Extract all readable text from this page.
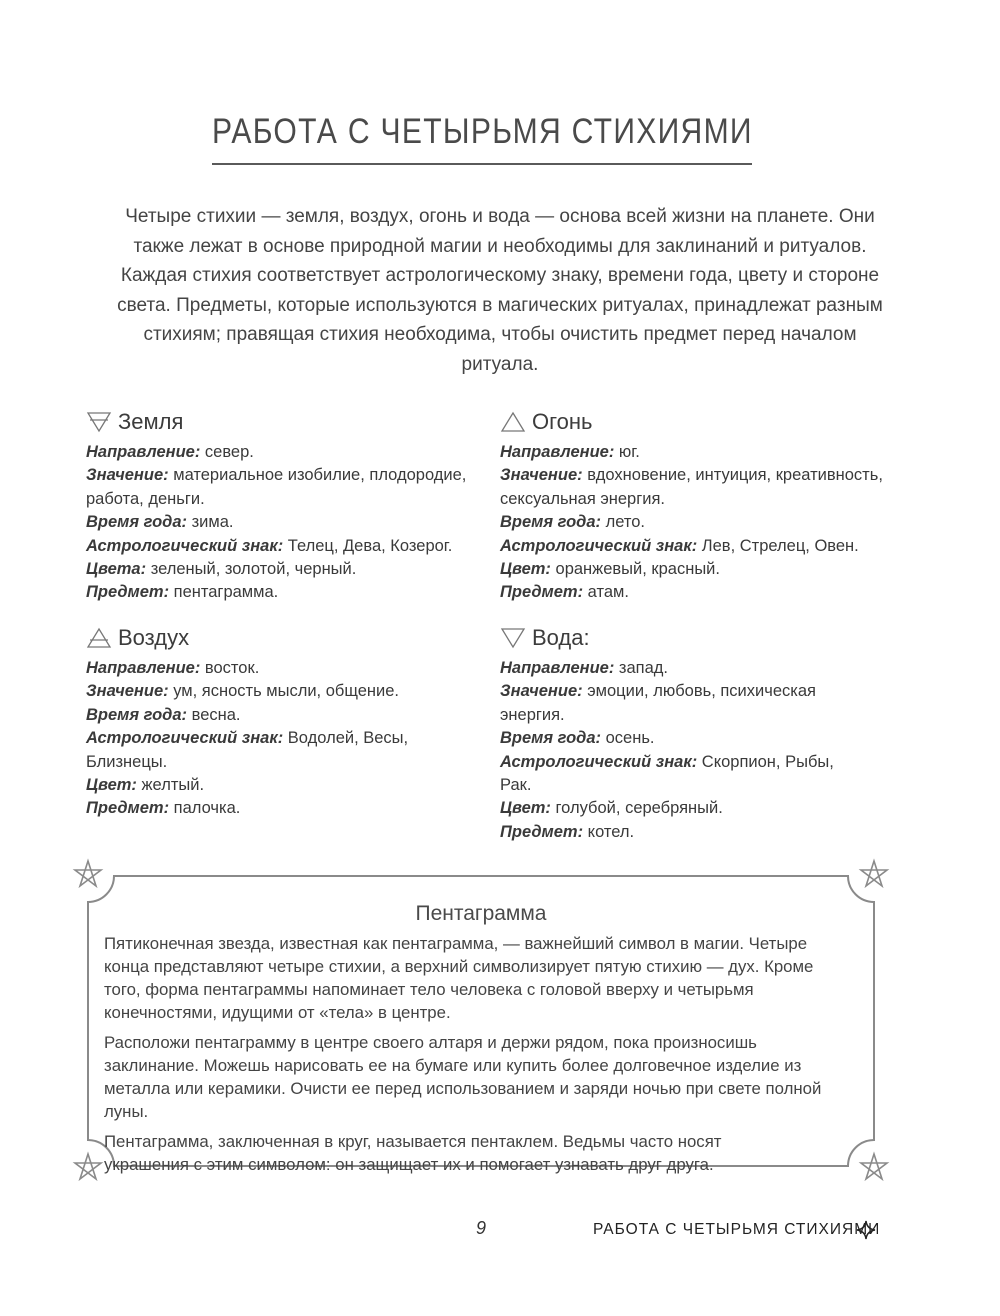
РАБОТА С ЧЕТЫРЬМЯ СТИХИЯМИ

Четыре стихии — земля, воздух, огонь и вода — основа всей жизни на планете. Они также лежат в основе природной магии и необходимы для заклинаний и ритуалов. Каждая стихия соответствует астрологическому знаку, времени года, цвету и стороне света. Предметы, которые используются в магических ритуалах, принадлежат разным стихиям; правящая стихия необходима, чтобы очистить предмет перед началом ритуала.

Земля
Направление: север.
Значение: материальное изобилие, плодородие, работа, деньги.
Время года: зима.
Астрологический знак: Телец, Дева, Козерог.
Цвета: зеленый, золотой, черный.
Предмет: пентаграмма.
Огонь
Направление: юг.
Значение: вдохновение, интуиция, креативность, сексуальная энергия.
Время года: лето.
Астрологический знак: Лев, Стрелец, Овен.
Цвет: оранжевый, красный.
Предмет: атам.
Воздух
Направление: восток.
Значение: ум, ясность мысли, общение.
Время года: весна.
Астрологический знак: Водолей, Весы, Близнецы.
Цвет: желтый.
Предмет: палочка.
Вода:
Направление: запад.
Значение: эмоции, любовь, психическая энергия.
Время года: осень.
Астрологический знак: Скорпион, Рыбы, Рак.
Цвет: голубой, серебряный.
Предмет: котел.
Пентаграмма

Пятиконечная звезда, известная как пентаграмма, — важнейший символ в магии. Четыре конца представляют четыре стихии, а верхний символизирует пятую стихию — дух. Кроме того, форма пентаграммы напоминает тело человека с головой вверху и четырьмя конечностями, идущими от «тела» в центре.

Расположи пентаграмму в центре своего алтаря и держи рядом, пока произносишь заклинание. Можешь нарисовать ее на бумаге или купить более долговечное изделие из металла или керамики. Очисти ее перед использованием и заряди ночью при свете полной луны.

Пентаграмма, заключенная в круг, называется пентаклем. Ведьмы часто носят украшения с этим символом: он защищает их и помогает узнавать друг друга.

9	РАБОТА С ЧЕТЫРЬМЯ СТИХИЯМИ
